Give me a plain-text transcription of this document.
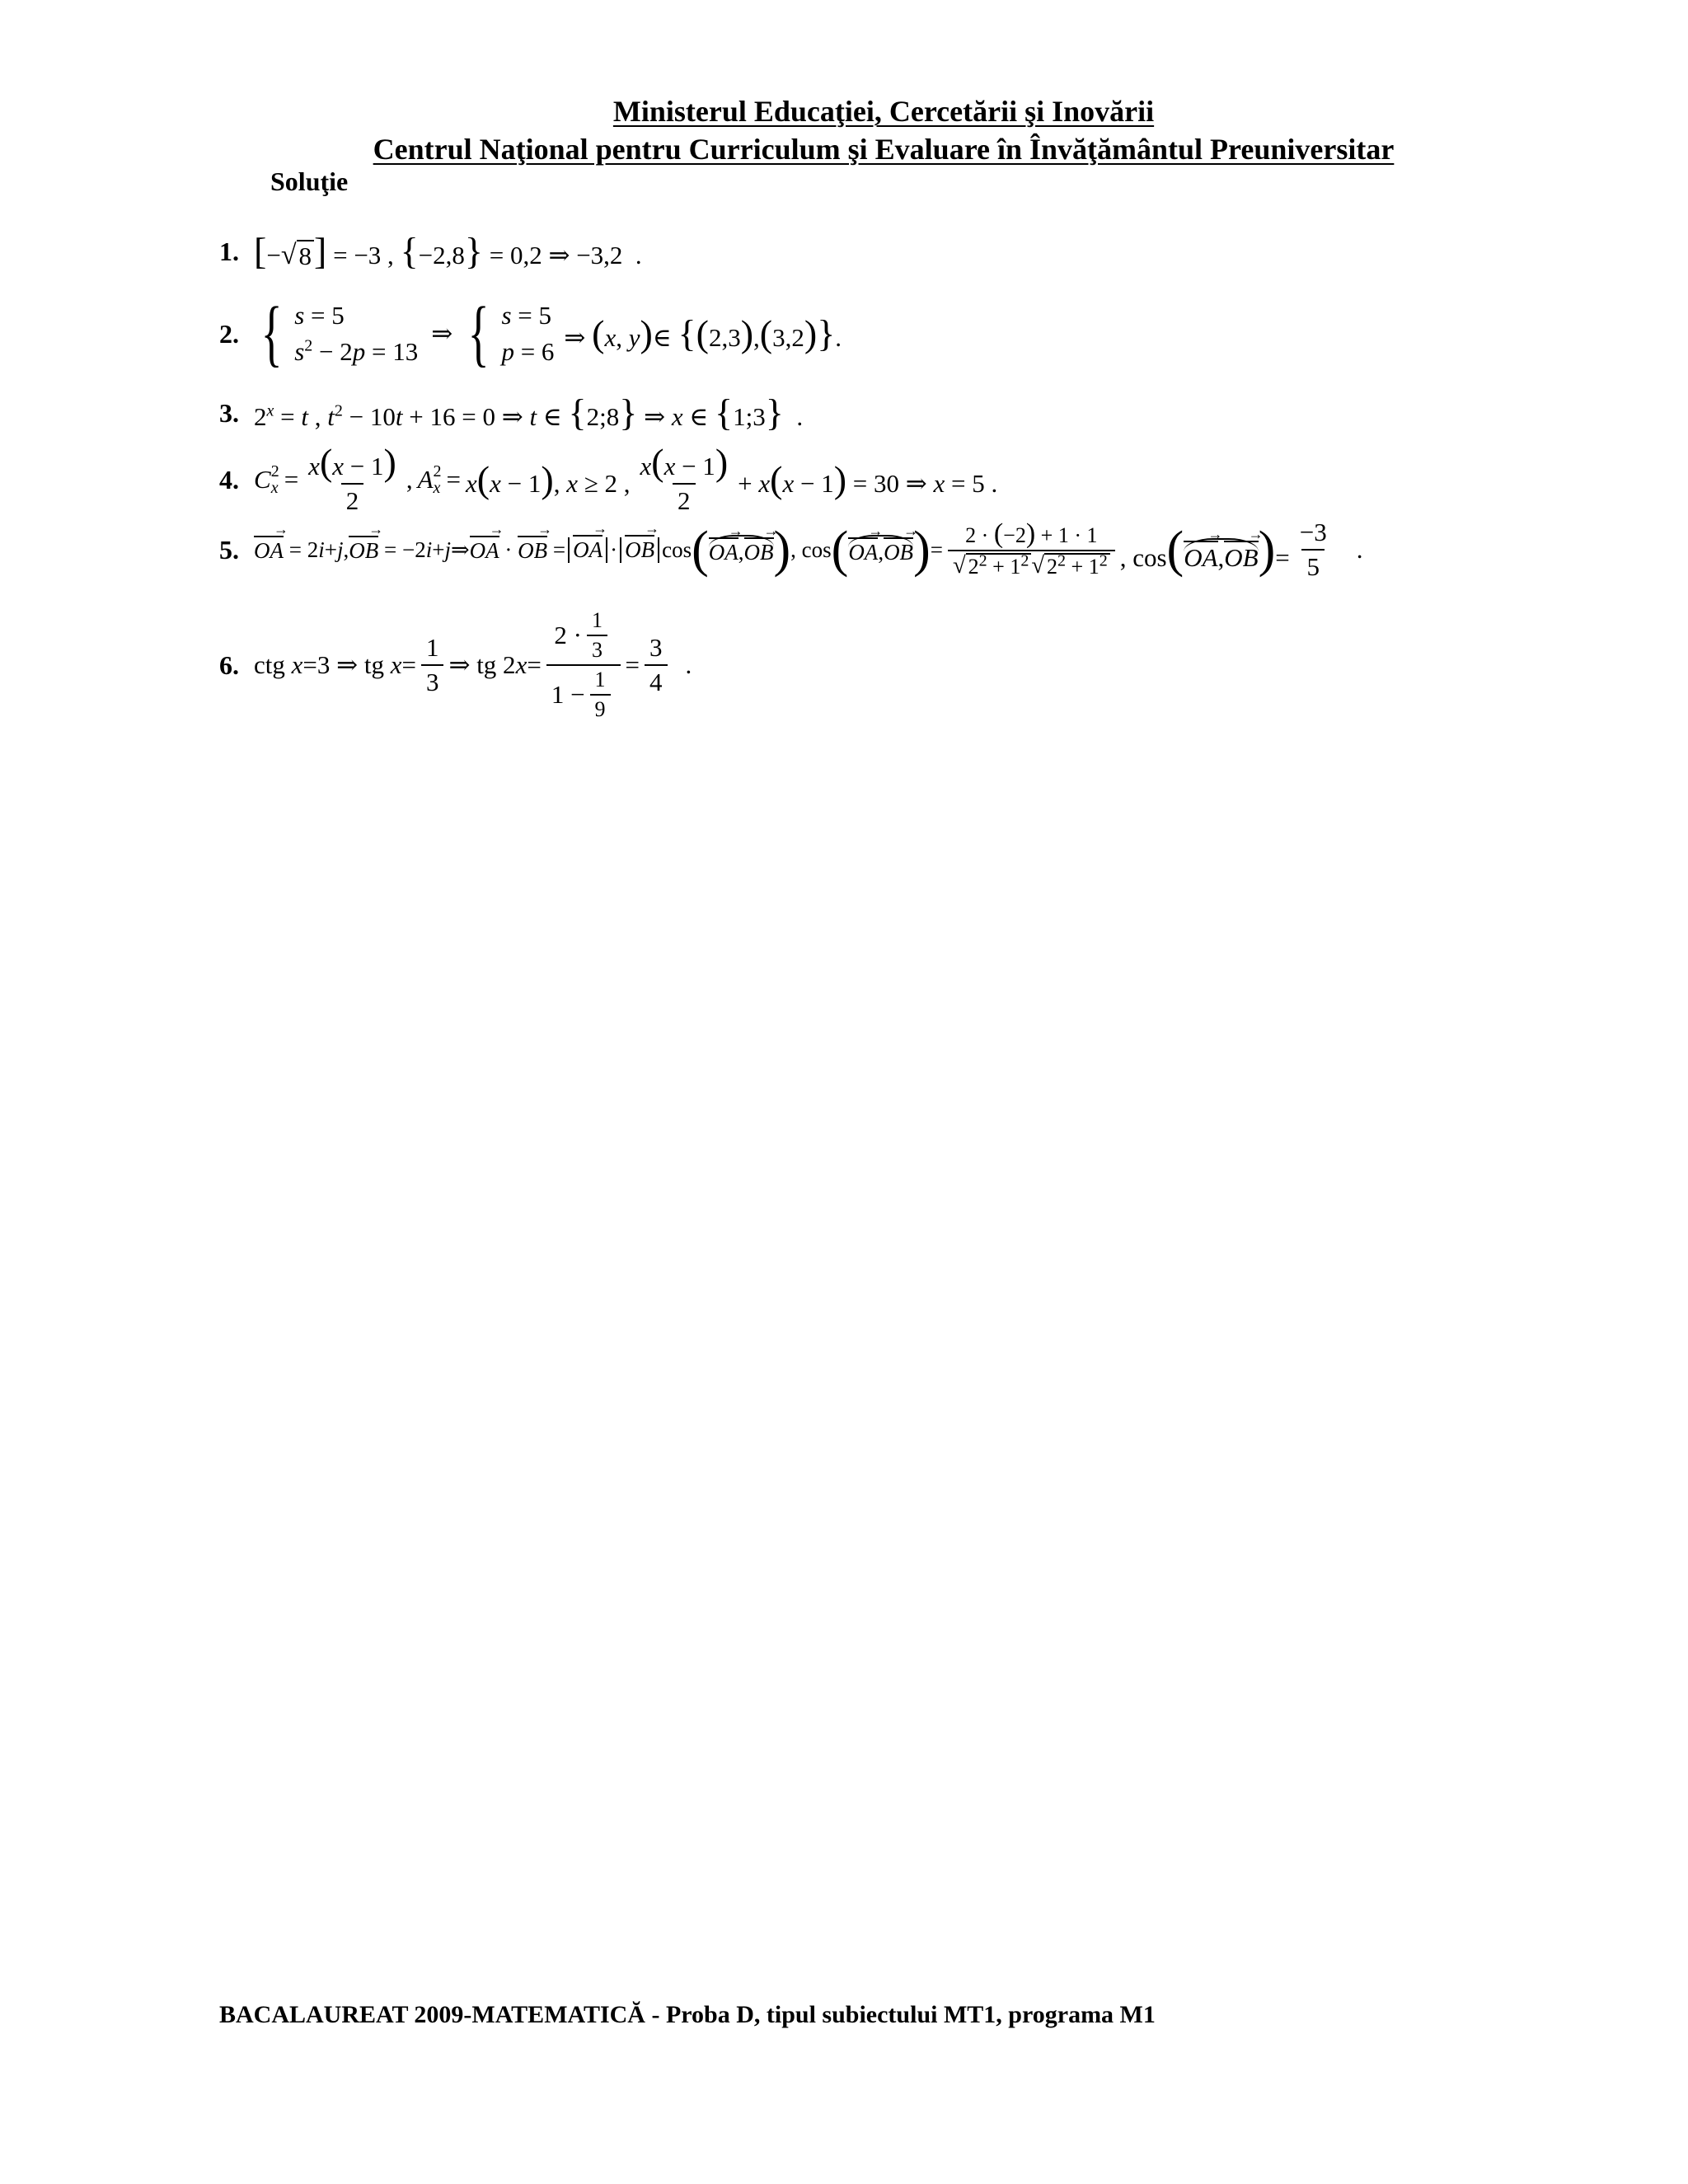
Ministerul Educaţiei, Cercetării şi Inovării
Centrul Naţional pentru Curriculum şi Evaluare în Învăţământul Preuniversitar
Soluţie
1. [− √ 8 ] = −3 , {−2,8} = 0,2 ⇒ −3,2  .
2. { s = 5
$s^2 - 2p = 13$
⇒ { s = 5
p = 6 ⇒ (x, y)∈ {(2,3),(3,2)}.
3. $2^x = t$ , $t^2 - 10t + 16 = 0$ ⇒ t ∈ {2;8} ⇒ x ∈ {1;3}  .
4. C 2
$x = \frac{x(x - 1)}{2}$ , A 2
x = x(x − 1), x ≥ 2 , $\frac{x(x - 1)}{2} + x(x - 1) = 30$ ⇒ x = 5 .
5. OA → = 2 i + j , OB → = −2 i + j ⇒ OA → · OB → = OA → · OB → cos ( OA →,OB → ) , cos ( OA →,OB → ) = $\frac{2 \cdot (-2) + 1 \cdot 1}{√ 2^2 + 1^2 √ 2^2 + 1^2}$ , cos(OA →,OB →)= $\frac{-3}{5}$ .
6. ctg x =3 ⇒ tg $x = \frac{1}{3}$ ⇒ tg 2 $x = \frac{2 \cdot \frac{1}{3}}{1 - \frac{1}{9}} = \frac{3}{4}$ .
BACALAUREAT 2009-MATEMATICĂ - Proba D, tipul subiectului MT1, programa M1
